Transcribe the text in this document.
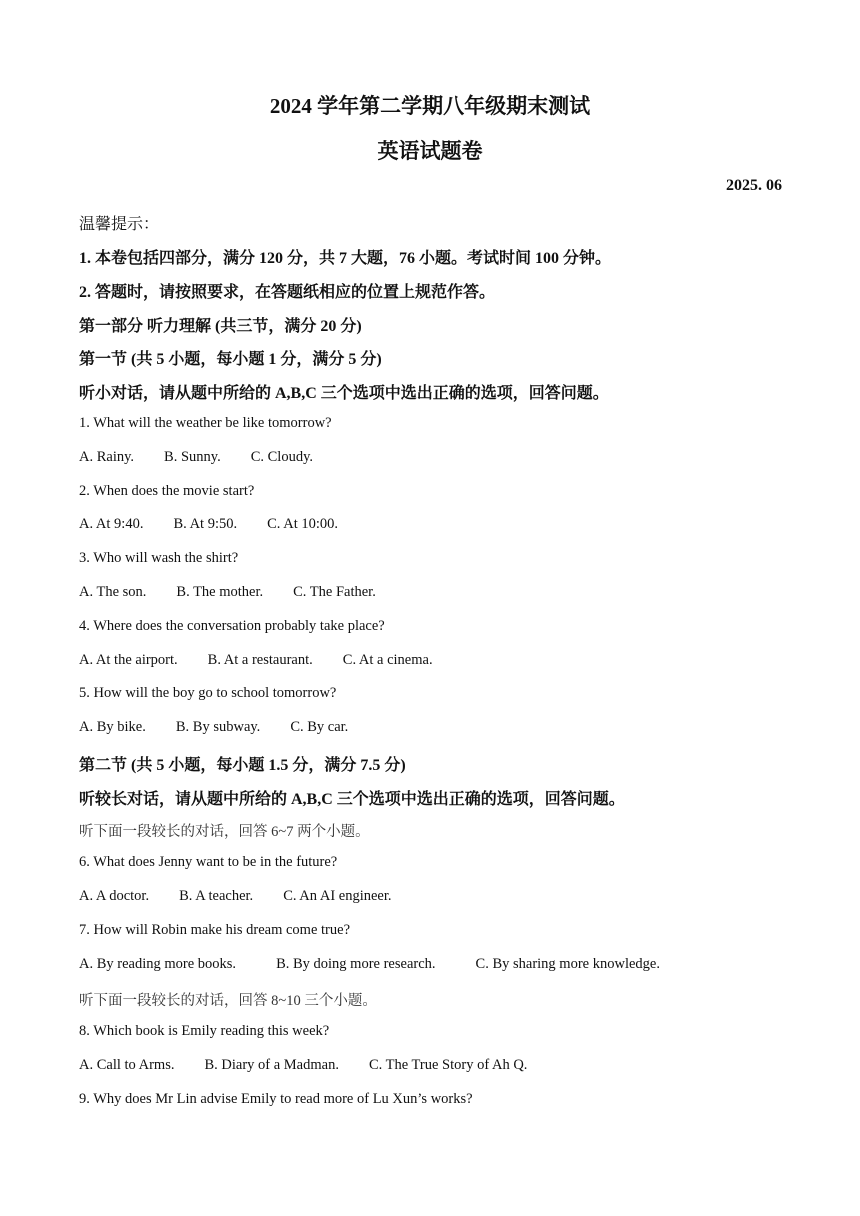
2024 学年第二学期八年级期末测试
英语试题卷
2025. 06
温馨提示：
1. 本卷包括四部分，满分 120 分，共 7 大题，76 小题。考试时间 100 分钟。
2. 答题时，请按照要求，在答题纸相应的位置上规范作答。
第一部分 听力理解 (共三节，满分 20 分)
第一节 (共 5 小题，每小题 1 分，满分 5 分)
听小对话，请从题中所给的 A,B,C 三个选项中选出正确的选项，回答问题。
1. What will the weather be like tomorrow?
A. Rainy. B. Sunny. C. Cloudy.
2. When does the movie start?
A. At 9:40. B. At 9:50. C. At 10:00.
3. Who will wash the shirt?
A. The son. B. The mother. C. The Father.
4. Where does the conversation probably take place?
A. At the airport. B. At a restaurant. C. At a cinema.
5. How will the boy go to school tomorrow?
A. By bike. B. By subway. C. By car.
第二节 (共 5 小题，每小题 1.5 分，满分 7.5 分)
听较长对话，请从题中所给的 A,B,C 三个选项中选出正确的选项，回答问题。
听下面一段较长的对话，回答 6~7 两个小题。
6. What does Jenny want to be in the future?
A. A doctor. B. A teacher. C. An AI engineer.
7. How will Robin make his dream come true?
A. By reading more books.	B. By doing more research.	C. By sharing more knowledge.
听下面一段较长的对话，回答 8~10 三个小题。
8. Which book is Emily reading this week?
A. Call to Arms. B. Diary of a Madman. C. The True Story of Ah Q.
9. Why does Mr Lin advise Emily to read more of Lu Xun’s works?
